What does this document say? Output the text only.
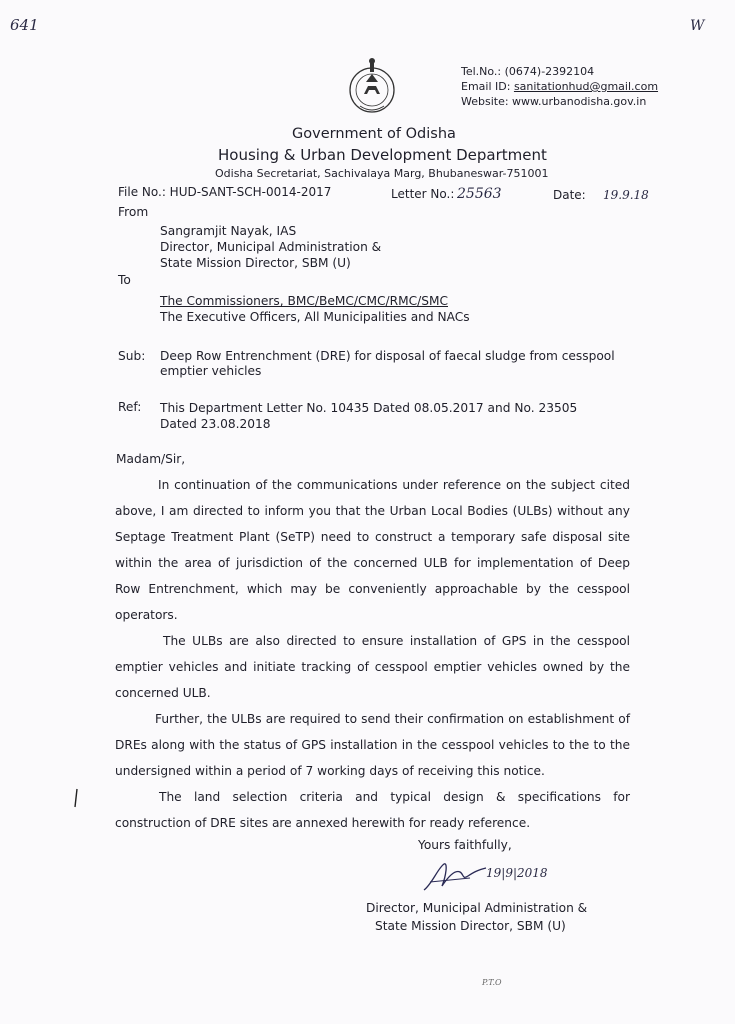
641	W
Tel.No.: (0674)-2392104
Email ID: sanitationhud@gmail.com
Website: www.urbanodisha.gov.in
Government of Odisha
Housing & Urban Development Department
Odisha Secretariat, Sachivalaya Marg, Bhubaneswar-751001
File No.: HUD-SANT-SCH-0014-2017	Letter No.: 25563	Date: 19.9.18
From
Sangramjit Nayak, IAS
Director, Municipal Administration &
State Mission Director, SBM (U)
To
The Commissioners, BMC/BeMC/CMC/RMC/SMC
The Executive Officers, All Municipalities and NACs
Sub: Deep Row Entrenchment (DRE) for disposal of faecal sludge from cesspool
emptier vehicles
Ref: This Department Letter No. 10435 Dated 08.05.2017 and No. 23505
Dated 23.08.2018
Madam/Sir,

In continuation of the communications under reference on the subject cited above, I am directed to inform you that the Urban Local Bodies (ULBs) without any Septage Treatment Plant (SeTP) need to construct a temporary safe disposal site within the area of jurisdiction of the concerned ULB for implementation of Deep Row Entrenchment, which may be conveniently approachable by the cesspool operators.

The ULBs are also directed to ensure installation of GPS in the cesspool emptier vehicles and initiate tracking of cesspool emptier vehicles owned by the concerned ULB.

Further, the ULBs are required to send their confirmation on establishment of DREs along with the status of GPS installation in the cesspool vehicles to the to the undersigned within a period of 7 working days of receiving this notice.

The land selection criteria and typical design & specifications for construction of DRE sites are annexed herewith for ready reference.

Yours faithfully,
19|9|2018
Director, Municipal Administration &
State Mission Director, SBM (U)
P.T.O
